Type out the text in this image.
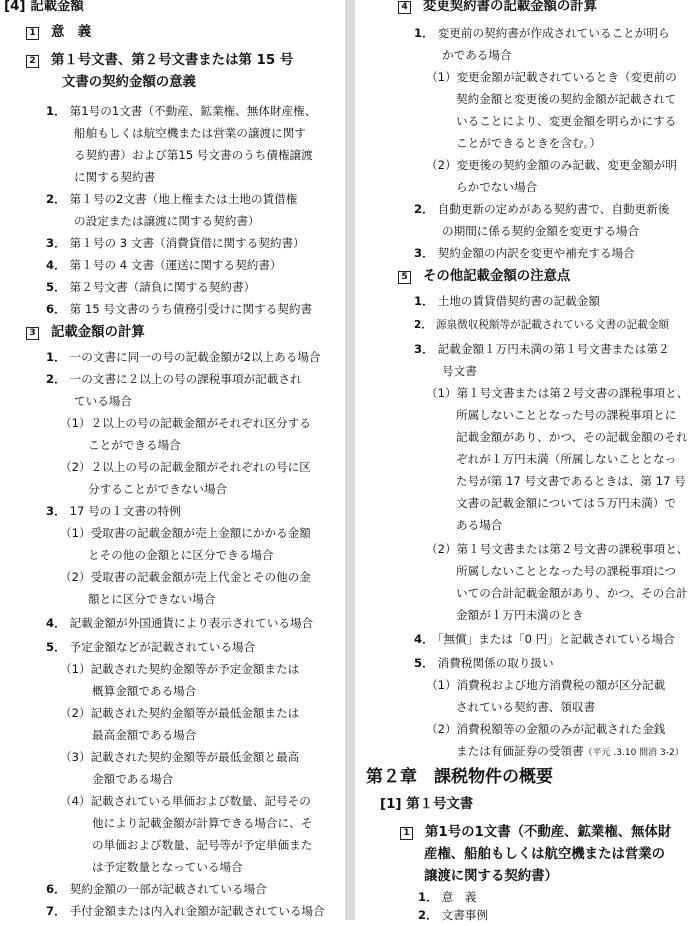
[4] 記載金額
1 意　義
2 第１号文書、第２号文書または第 15 号
文書の契約金額の意義
1． 第1号の1文書（不動産、鉱業権、無体財産権、
船舶もしくは航空機または営業の譲渡に関す
る契約書）および第15 号文書のうち債権譲渡
に関する契約書
2． 第１号の2文書（地上権または土地の賃借権
の設定または譲渡に関する契約書）
3． 第１号の 3 文書（消費貸借に関する契約書）
4． 第１号の 4 文書（運送に関する契約書）
5． 第２号文書（請負に関する契約書）
6． 第 15 号文書のうち債務引受けに関する契約書
3 記載金額の計算
1． 一の文書に同一の号の記載金額が2以上ある場合
2． 一の文書に２以上の号の課税事項が記載され
ている場合
（1）２以上の号の記載金額がそれぞれ区分する
ことができる場合
（2）２以上の号の記載金額がそれぞれの号に区
分することができない場合
3． 17 号の１文書の特例
（1）受取書の記載金額が売上金額にかかる金額
とその他の金額とに区分できる場合
（2）受取書の記載金額が売上代金とその他の金
額とに区分できない場合
4． 記載金額が外国通貨により表示されている場合
5． 予定金額などが記載されている場合
（1）記載された契約金額等が予定金額または
概算金額である場合
（2）記載された契約金額等が最低金額または
最高金額である場合
（3）記載された契約金額等が最低金額と最高
金額である場合
（4）記載されている単価および数量、記号その
他により記載金額が計算できる場合に、そ
の単価および数量、記号等が予定単価また
は予定数量となっている場合
6． 契約金額の一部が記載されている場合
7． 手付金額または内入れ金額が記載されている場合
4 変更契約書の記載金額の計算
1． 変更前の契約書が作成されていることが明ら
かである場合
（1）変更金額が記載されているとき（変更前の
契約金額と変更後の契約金額が記載されて
いることにより、変更金額を明らかにする
ことができるときを含む。）
（2）変更後の契約金額のみ記載、変更金額が明
らかでない場合
2． 自動更新の定めがある契約書で、自動更新後
の期間に係る契約金額を変更する場合
3． 契約金額の内訳を変更や補充する場合
5 その他記載金額の注意点
1． 土地の賃貸借契約書の記載金額
2． 源泉徴収税額等が記載されている文書の記載金額
3． 記載金額１万円未満の第１号文書または第２
号文書
（1）第１号文書または第２号文書の課税事項と、
所属しないこととなった号の課税事項とに
記載金額があり、かつ、その記載金額のそれ
ぞれが１万円未満（所属しないこととなっ
た号が第 17 号文書であるときは、第 17 号
文書の記載金額については５万円未満）で
ある場合
（2）第１号文書または第２号文書の課税事項と、
所属しないこととなった号の課税事項につ
いての合計記載金額があり、かつ、その合計
金額が１万円未満のとき
4． 「無償」または「0 円」と記載されている場合
5． 消費税関係の取り扱い
（1）消費税および地方消費税の額が区分記載
されている契約書、領収書
（2）消費税額等の金額のみが記載された金銭
または有価証券の受領書（平元 .3.10 間消 3-2）
第２章　課税物件の概要
[1] 第１号文書
1 第1号の1文書（不動産、鉱業権、無体財
産権、船舶もしくは航空機または営業の
譲渡に関する契約書）
1． 意　義
2． 文書事例
